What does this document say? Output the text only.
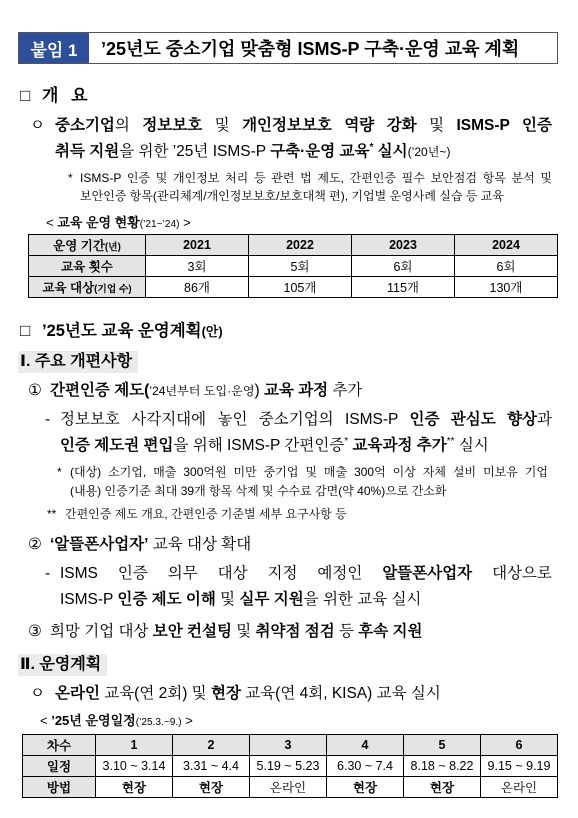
붙임 1	’25년도 중소기업 맞춤형 ISMS-P 구축·운영 교육 계획
□ 개 요
ㅇ 중소기업의 정보보호 및 개인정보보호 역량 강화 및 ISMS-P 인증
취득 지원을 위한 ’25년 ISMS-P 구축·운영 교육* 실시(’20년~)
* ISMS-P 인증 및 개인정보 처리 등 관련 법 제도, 간편인증 필수 보안점검 항목 분석 및
보안인증 항목(관리체계/개인정보보호/보호대책 편), 기업별 운영사례 실습 등 교육
< 교육 운영 현황(’21~’24) >
운영 기간(년)	2021	2022	2023	2024
교육 횟수	3회	5회	6회	6회
교육 대상(기업 수)	86개	105개	115개	130개
□ ’25년도 교육 운영계획(안)
Ⅰ. 주요 개편사항
① 간편인증 제도(’24년부터 도입·운영) 교육 과정 추가
- 정보보호 사각지대에 놓인 중소기업의 ISMS-P 인증 관심도 향상과
인증 제도권 편입을 위해 ISMS-P 간편인증* 교육과정 추가** 실시
* (대상) 소기업, 매출 300억원 미만 중기업 및 매출 300억 이상 자체 설비 미보유 기업
(내용) 인증기준 최대 39개 항목 삭제 및 수수료 감면(약 40%)으로 간소화
** 간편인증 제도 개요, 간편인증 기준별 세부 요구사항 등
② ‘알뜰폰사업자’ 교육 대상 확대
- ISMS 인증 의무 대상 지정 예정인 알뜰폰사업자 대상으로
ISMS-P 인증 제도 이해 및 실무 지원을 위한 교육 실시
③ 희망 기업 대상 보안 컨설팅 및 취약점 점검 등 후속 지원
Ⅱ. 운영계획
ㅇ 온라인 교육(연 2회) 및 현장 교육(연 4회, KISA) 교육 실시
< ’25년 운영일정(’25.3.~9.) >
차수	1	2	3	4	5	6
일정	3.10 ~ 3.14	3.31 ~ 4.4	5.19 ~ 5.23	6.30 ~ 7.4	8.18 ~ 8.22	9.15 ~ 9.19
방법	현장	현장	온라인	현장	현장	온라인
